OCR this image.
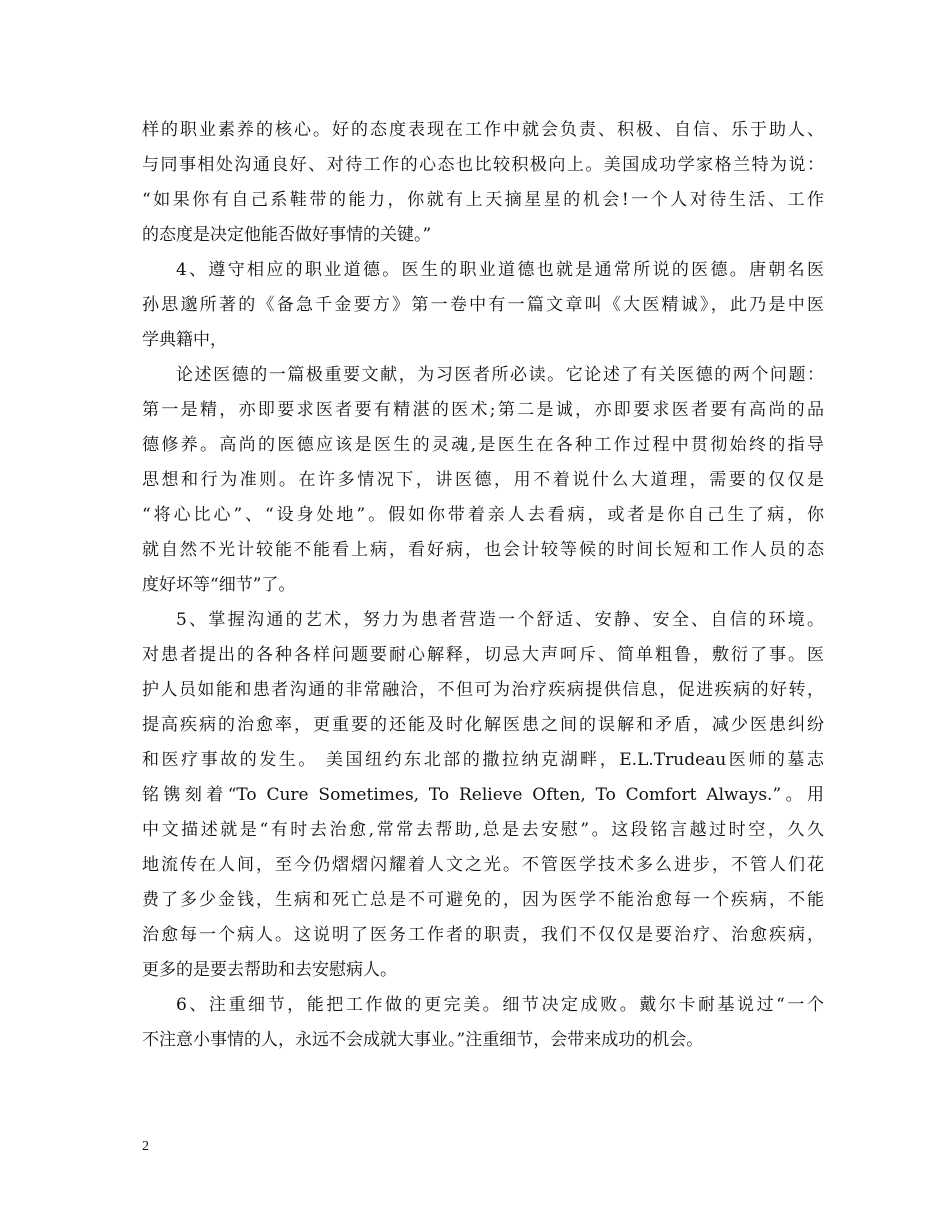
样的职业素养的核心。好的态度表现在工作中就会负责、积极、自信、乐于助人、
与同事相处沟通良好、对待工作的心态也比较积极向上。美国成功学家格兰特为说：
“如果你有自己系鞋带的能力，你就有上天摘星星的机会!一个人对待生活、工作
的态度是决定他能否做好事情的关键。”
4、遵守相应的职业道德。医生的职业道德也就是通常所说的医德。唐朝名医
孙思邈所著的《备急千金要方》第一卷中有一篇文章叫《大医精诚》，此乃是中医
学典籍中，
论述医德的一篇极重要文献，为习医者所必读。它论述了有关医德的两个问题：
第一是精，亦即要求医者要有精湛的医术;第二是诚，亦即要求医者要有高尚的品
德修养。高尚的医德应该是医生的灵魂,是医生在各种工作过程中贯彻始终的指导
思想和行为准则。在许多情况下，讲医德，用不着说什么大道理，需要的仅仅是
“将心比心”、“设身处地”。假如你带着亲人去看病，或者是你自己生了病，你
就自然不光计较能不能看上病，看好病，也会计较等候的时间长短和工作人员的态
度好坏等“细节”了。
5、掌握沟通的艺术，努力为患者营造一个舒适、安静、安全、自信的环境。
对患者提出的各种各样问题要耐心解释，切忌大声呵斥、简单粗鲁，敷衍了事。医
护人员如能和患者沟通的非常融洽，不但可为治疗疾病提供信息，促进疾病的好转，
提高疾病的治愈率，更重要的还能及时化解医患之间的误解和矛盾，减少医患纠纷
和医疗事故的发生。 美国纽约东北部的撒拉纳克湖畔，E.L.Trudeau医师的墓志
铭镌刻着“To Cure Sometimes, To Relieve Often, To Comfort Always.”。用
中文描述就是“有时去治愈,常常去帮助,总是去安慰”。这段铭言越过时空，久久
地流传在人间，至今仍熠熠闪耀着人文之光。不管医学技术多么进步，不管人们花
费了多少金钱，生病和死亡总是不可避免的，因为医学不能治愈每一个疾病，不能
治愈每一个病人。这说明了医务工作者的职责，我们不仅仅是要治疗、治愈疾病，
更多的是要去帮助和去安慰病人。
6、注重细节，能把工作做的更完美。细节决定成败。戴尔卡耐基说过“一个
不注意小事情的人，永远不会成就大事业。”注重细节，会带来成功的机会。
2
